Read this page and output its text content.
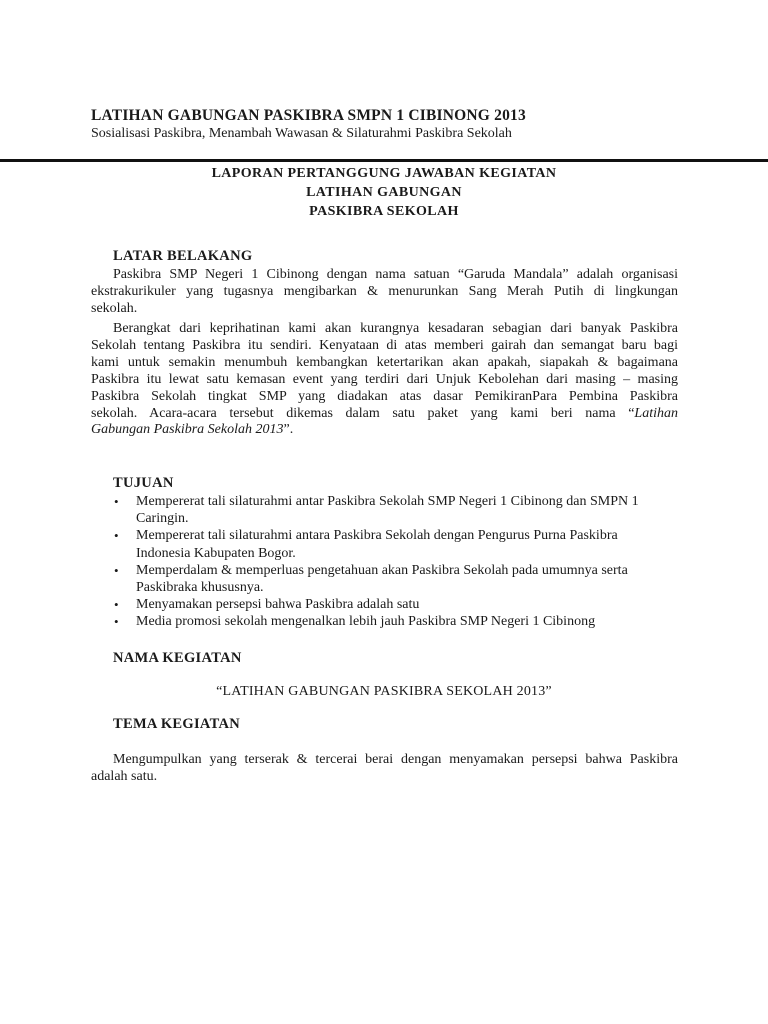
LATIHAN GABUNGAN PASKIBRA SMPN 1 CIBINONG 2013
Sosialisasi Paskibra, Menambah Wawasan & Silaturahmi Paskibra Sekolah
LAPORAN PERTANGGUNG JAWABAN KEGIATAN
LATIHAN GABUNGAN
PASKIBRA SEKOLAH
LATAR BELAKANG
Paskibra SMP Negeri 1 Cibinong dengan nama satuan “Garuda Mandala” adalah organisasi
ekstrakurikuler yang tugasnya mengibarkan & menurunkan Sang Merah Putih di lingkungan
sekolah.
Berangkat dari keprihatinan kami akan kurangnya kesadaran sebagian dari banyak Paskibra
Sekolah tentang Paskibra itu sendiri. Kenyataan di atas memberi gairah dan semangat baru bagi
kami untuk semakin menumbuh kembangkan ketertarikan akan apakah, siapakah & bagaimana
Paskibra itu lewat satu kemasan event yang terdiri dari Unjuk Kebolehan dari masing – masing
Paskibra Sekolah tingkat SMP yang diadakan atas dasar PemikiranPara Pembina Paskibra
sekolah. Acara-acara tersebut dikemas dalam satu paket yang kami beri nama “Latihan
Gabungan Paskibra Sekolah 2013”.
TUJUAN
• Mempererat tali silaturahmi antar Paskibra Sekolah SMP Negeri 1 Cibinong dan SMPN 1
Caringin.
• Mempererat tali silaturahmi antara Paskibra Sekolah dengan Pengurus Purna Paskibra
Indonesia Kabupaten Bogor.
• Memperdalam & memperluas pengetahuan akan Paskibra Sekolah pada umumnya serta
Paskibraka khususnya.
• Menyamakan persepsi bahwa Paskibra adalah satu
• Media promosi sekolah mengenalkan lebih jauh Paskibra SMP Negeri 1 Cibinong
NAMA KEGIATAN
“LATIHAN GABUNGAN PASKIBRA SEKOLAH 2013”
TEMA KEGIATAN
Mengumpulkan yang terserak & tercerai berai dengan menyamakan persepsi bahwa Paskibra
adalah satu.
